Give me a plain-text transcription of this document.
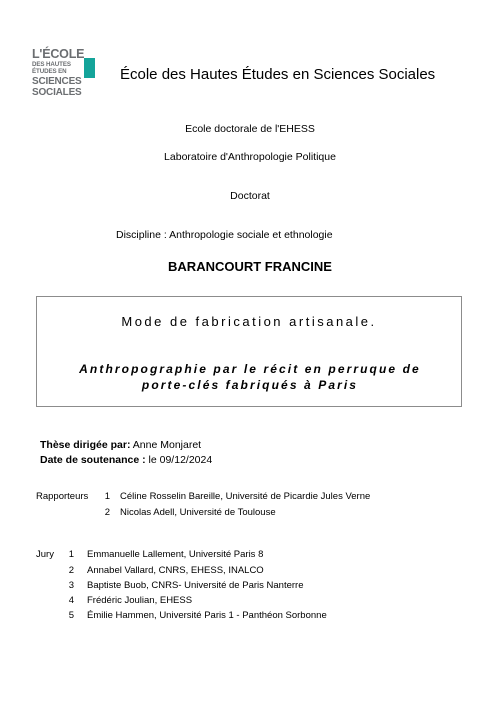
L'ÉCOLE
DES HAUTES
ÉTUDES EN
SCIENCES
SOCIALES
École des Hautes Études en Sciences Sociales
Ecole doctorale de l'EHESS
Laboratoire d'Anthropologie Politique
Doctorat
Discipline : Anthropologie sociale et ethnologie
BARANCOURT FRANCINE
Mode de fabrication artisanale.
Anthropographie par le récit en perruque de
porte-clés fabriqués à Paris
Thèse dirigée par: Anne Monjaret
Date de soutenance : le 09/12/2024
Rapporteurs	1 Céline Rosselin Bareille, Université de Picardie Jules Verne
2 Nicolas Adell, Université de Toulouse
Jury	1 Emmanuelle Lallement, Université Paris 8
2 Annabel Vallard, CNRS, EHESS, INALCO
3 Baptiste Buob, CNRS- Université de Paris Nanterre
4 Frédéric Joulian, EHESS
5 Émilie Hammen, Université Paris 1 - Panthéon Sorbonne
